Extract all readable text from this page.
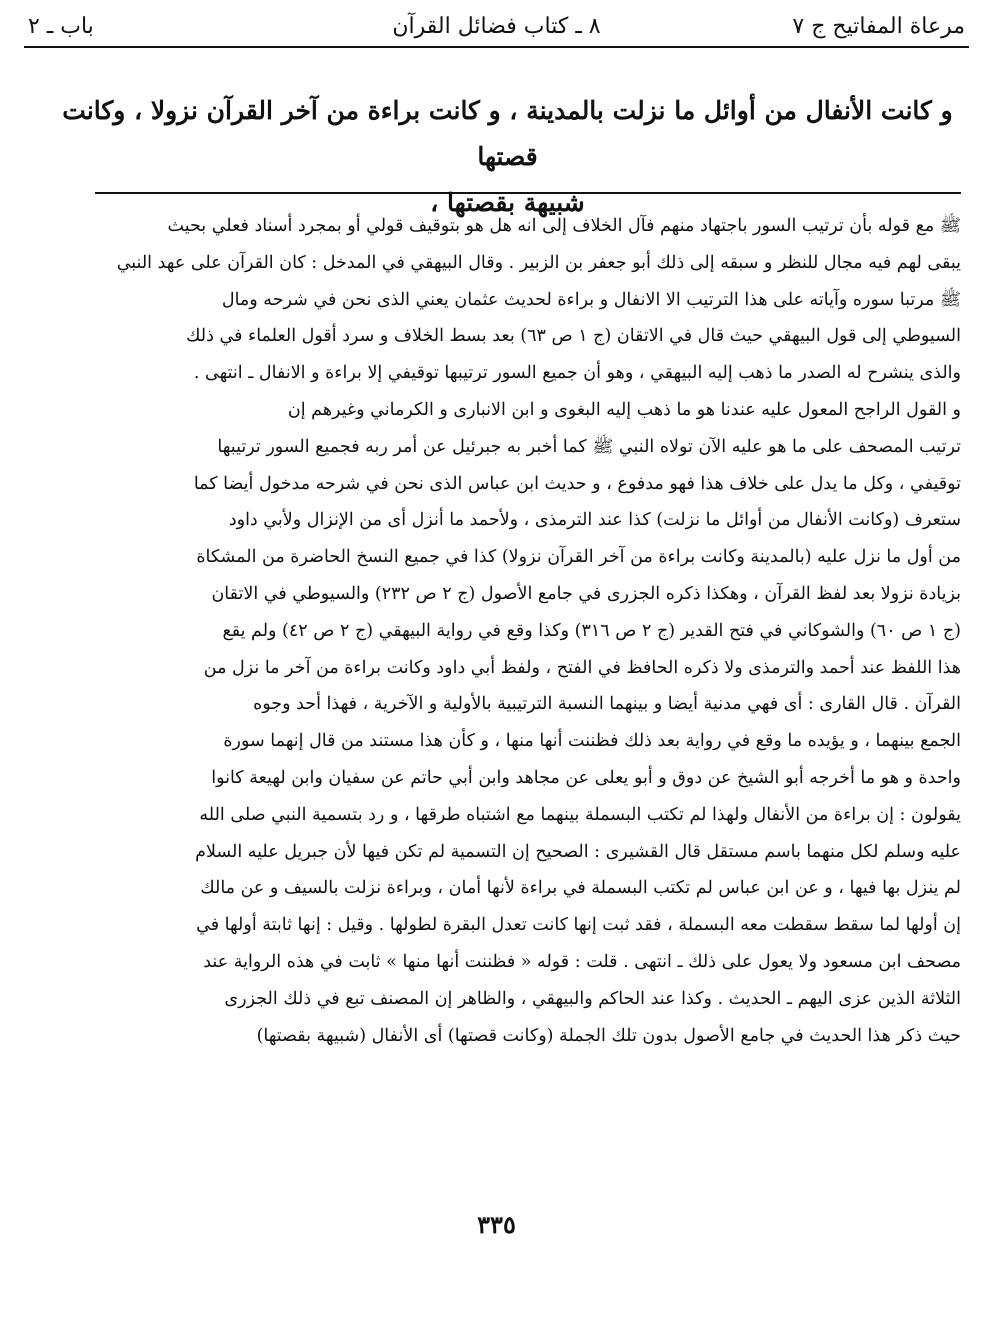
مرعاة المفاتيح ج ٧
٨ ـ كتاب فضائل القرآن
باب ـ ٢
و كانت الأنفال من أوائل ما نزلت بالمدينة ، و كانت براءة من آخر القرآن نزولا ، وكانت قصتها
شبيهة بقصتها ،
ﷺ مع قوله بأن ترتيب السور باجتهاد منهم فآل الخلاف إلى انه هل هو بتوقيف قولي أو بمجرد أسناد فعلي بحيث
يبقى لهم فيه مجال للنظر و سبقه إلى ذلك أبو جعفر بن الزبير . وقال البيهقي في المدخل : كان القرآن على عهد النبي
ﷺ مرتبا سوره وآياته على هذا الترتيب الا الانفال و براءة لحديث عثمان يعني الذى نحن في شرحه ومال
السيوطي إلى قول البيهقي حيث قال في الاتقان (ج ١ ص ٦٣) بعد بسط الخلاف و سرد أقول العلماء في ذلك
والذى ينشرح له الصدر ما ذهب إليه البيهقي ، وهو أن جميع السور ترتيبها توقيفي إلا براءة و الانفال ـ انتهى .
و القول الراجح المعول عليه عندنا هو ما ذهب إليه البغوى و ابن الانبارى و الكرماني وغيرهم إن
ترتيب المصحف على ما هو عليه الآن تولاه النبي ﷺ كما أخبر به جبرئيل عن أمر ربه فجميع السور ترتيبها
توقيفي ، وكل ما يدل على خلاف هذا فهو مدفوع ، و حديث ابن عباس الذى نحن في شرحه مدخول أيضا كما
ستعرف (وكانت الأنفال من أوائل ما نزلت) كذا عند الترمذى ، ولأحمد ما أنزل أى من الإنزال ولأبي داود
من أول ما نزل عليه (بالمدينة وكانت براءة من آخر القرآن نزولا) كذا في جميع النسخ الحاضرة من المشكاة
بزيادة نزولا بعد لفظ القرآن ، وهكذا ذكره الجزرى في جامع الأصول (ج ٢ ص ٢٣٢) والسيوطي في الاتقان
(ج ١ ص ٦٠) والشوكاني في فتح القدير (ج ٢ ص ٣١٦) وكذا وقع في رواية البيهقي (ج ٢ ص ٤٢) ولم يقع
هذا اللفظ عند أحمد والترمذى ولا ذكره الحافظ في الفتح ، ولفظ أبي داود وكانت براءة من آخر ما نزل من
القرآن . قال القارى : أى فهي مدنية أيضا و بينهما النسبة الترتيبية بالأولية و الآخرية ، فهذا أحد وجوه
الجمع بينهما ، و يؤيده ما وقع في رواية بعد ذلك فظننت أنها منها ، و كأن هذا مستند من قال إنهما سورة
واحدة و هو ما أخرجه أبو الشيخ عن دوق و أبو يعلى عن مجاهد وابن أبي حاتم عن سفيان وابن لهيعة كانوا
يقولون : إن براءة من الأنفال ولهذا لم تكتب البسملة بينهما مع اشتباه طرقها ، و رد بتسمية النبي صلى الله
عليه وسلم لكل منهما باسم مستقل قال القشيرى : الصحيح إن التسمية لم تكن فيها لأن جبريل عليه السلام
لم ينزل بها فيها ، و عن ابن عباس لم تكتب البسملة في براءة لأنها أمان ، وبراءة نزلت بالسيف و عن مالك
إن أولها لما سقط سقطت معه البسملة ، فقد ثبت إنها كانت تعدل البقرة لطولها . وقيل : إنها ثابتة أولها في
مصحف ابن مسعود ولا يعول على ذلك ـ انتهى . قلت : قوله « فظننت أنها منها » ثابت في هذه الرواية عند
الثلاثة الذين عزى اليهم ـ الحديث . وكذا عند الحاكم والبيهقي ، والظاهر إن المصنف تبع في ذلك الجزرى
حيث ذكر هذا الحديث في جامع الأصول بدون تلك الجملة (وكانت قصتها) أى الأنفال (شبيهة بقصتها)
٣٣٥
